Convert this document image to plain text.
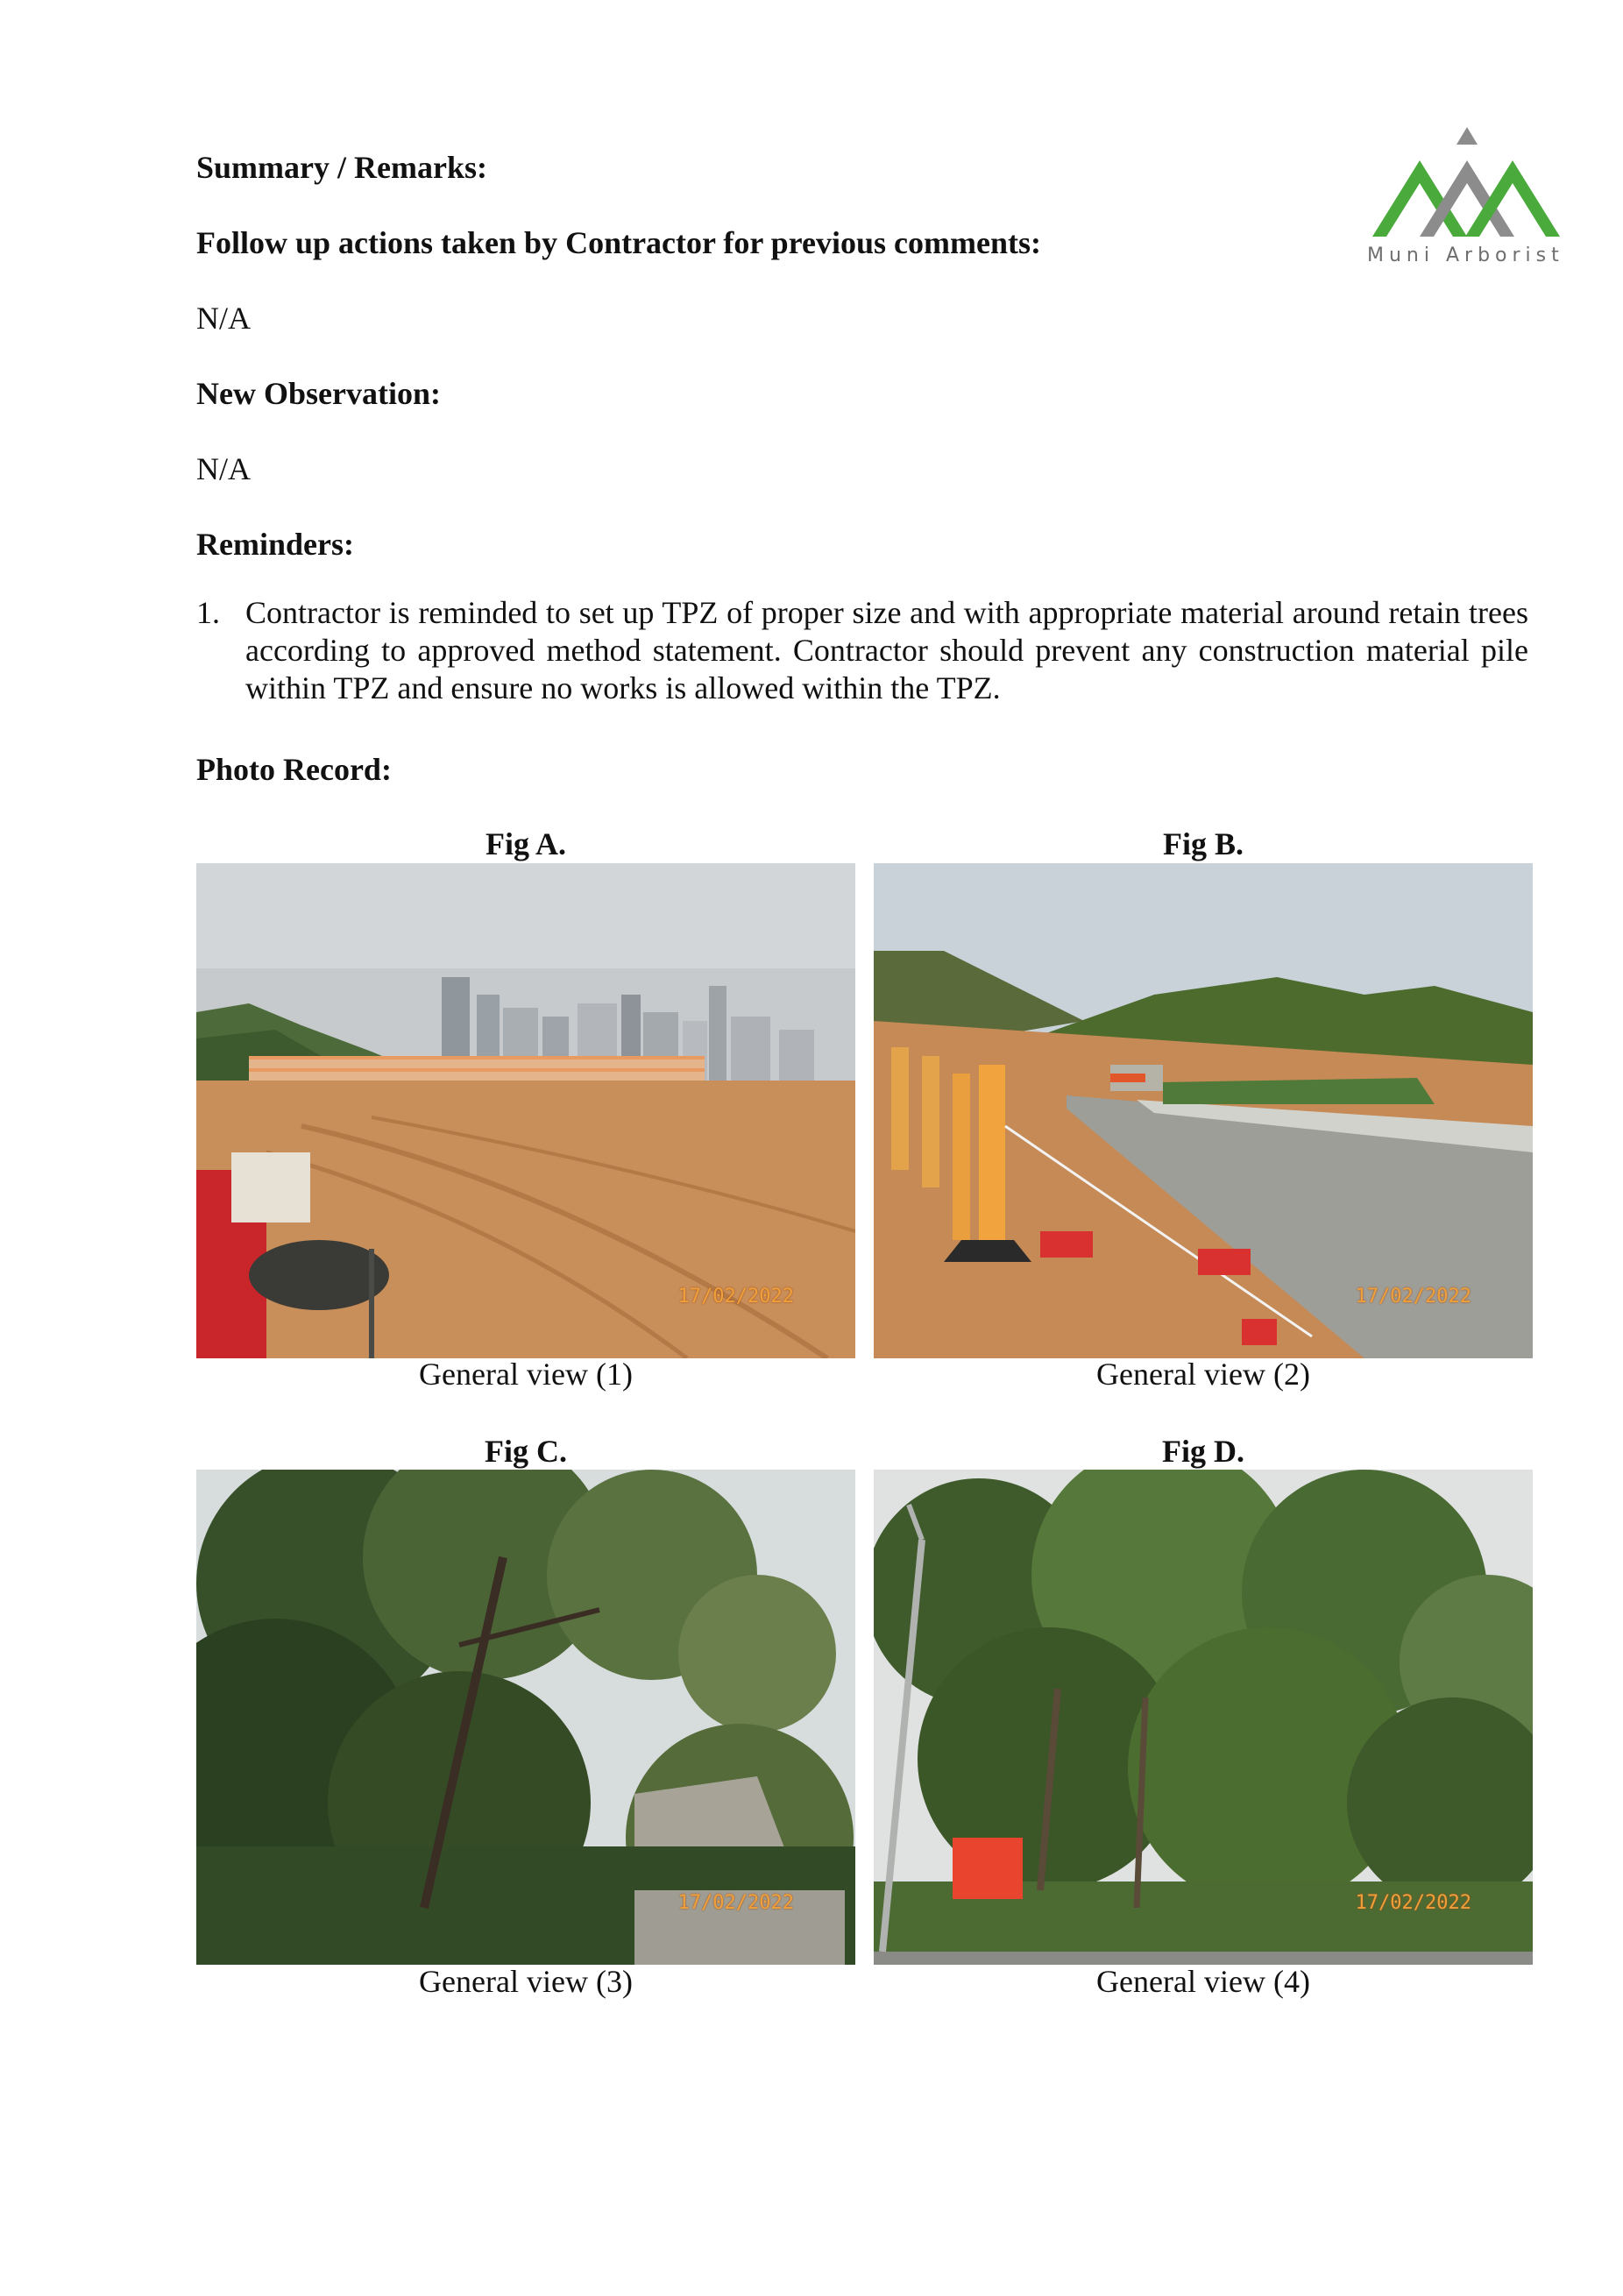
Muni Arborist
Summary / Remarks:
Follow up actions taken by Contractor for previous comments:
N/A
New Observation:
N/A
Reminders:
1. Contractor is reminded to set up TPZ of proper size and with appropriate material around retain trees according to approved method statement. Contractor should prevent any construction material pile within TPZ and ensure no works is allowed within the TPZ.
Photo Record:
Fig A.
17/02/2022
General view (1)
Fig B.
17/02/2022
General view (2)
Fig C.
17/02/2022
General view (3)
Fig D.
17/02/2022
General view (4)
